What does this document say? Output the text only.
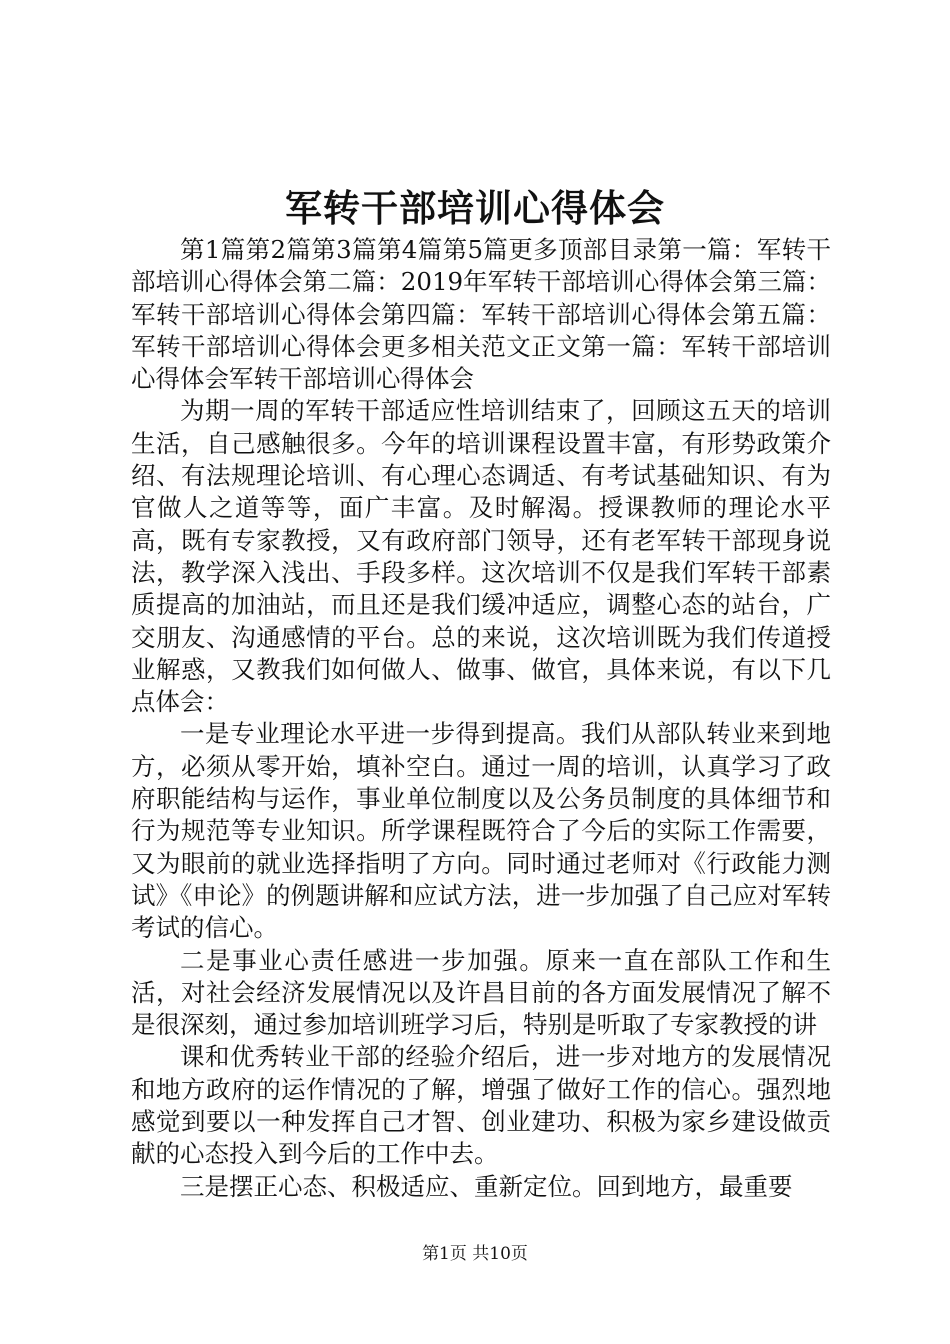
军转干部培训心得体会

第1篇第2篇第3篇第4篇第5篇更多顶部目录第一篇：军转干部培训心得体会第二篇：2019年军转干部培训心得体会第三篇：军转干部培训心得体会第四篇：军转干部培训心得体会第五篇：军转干部培训心得体会更多相关范文正文第一篇：军转干部培训心得体会军转干部培训心得体会

为期一周的军转干部适应性培训结束了，回顾这五天的培训生活，自己感触很多。今年的培训课程设置丰富，有形势政策介绍、有法规理论培训、有心理心态调适、有考试基础知识、有为官做人之道等等，面广丰富。及时解渴。授课教师的理论水平高，既有专家教授，又有政府部门领导，还有老军转干部现身说法，教学深入浅出、手段多样。这次培训不仅是我们军转干部素质提高的加油站，而且还是我们缓冲适应，调整心态的站台，广交朋友、沟通感情的平台。总的来说，这次培训既为我们传道授业解惑，又教我们如何做人、做事、做官，具体来说，有以下几点体会：

一是专业理论水平进一步得到提高。我们从部队转业来到地方，必须从零开始，填补空白。通过一周的培训，认真学习了政府职能结构与运作，事业单位制度以及公务员制度的具体细节和行为规范等专业知识。所学课程既符合了今后的实际工作需要，又为眼前的就业选择指明了方向。同时通过老师对《行政能力测试》《申论》的例题讲解和应试方法，进一步加强了自己应对军转考试的信心。

二是事业心责任感进一步加强。原来一直在部队工作和生活，对社会经济发展情况以及许昌目前的各方面发展情况了解不是很深刻，通过参加培训班学习后，特别是听取了专家教授的讲

课和优秀转业干部的经验介绍后，进一步对地方的发展情况和地方政府的运作情况的了解，增强了做好工作的信心。强烈地感觉到要以一种发挥自己才智、创业建功、积极为家乡建设做贡献的心态投入到今后的工作中去。

三是摆正心态、积极适应、重新定位。回到地方，最重要

第1页 共10页
